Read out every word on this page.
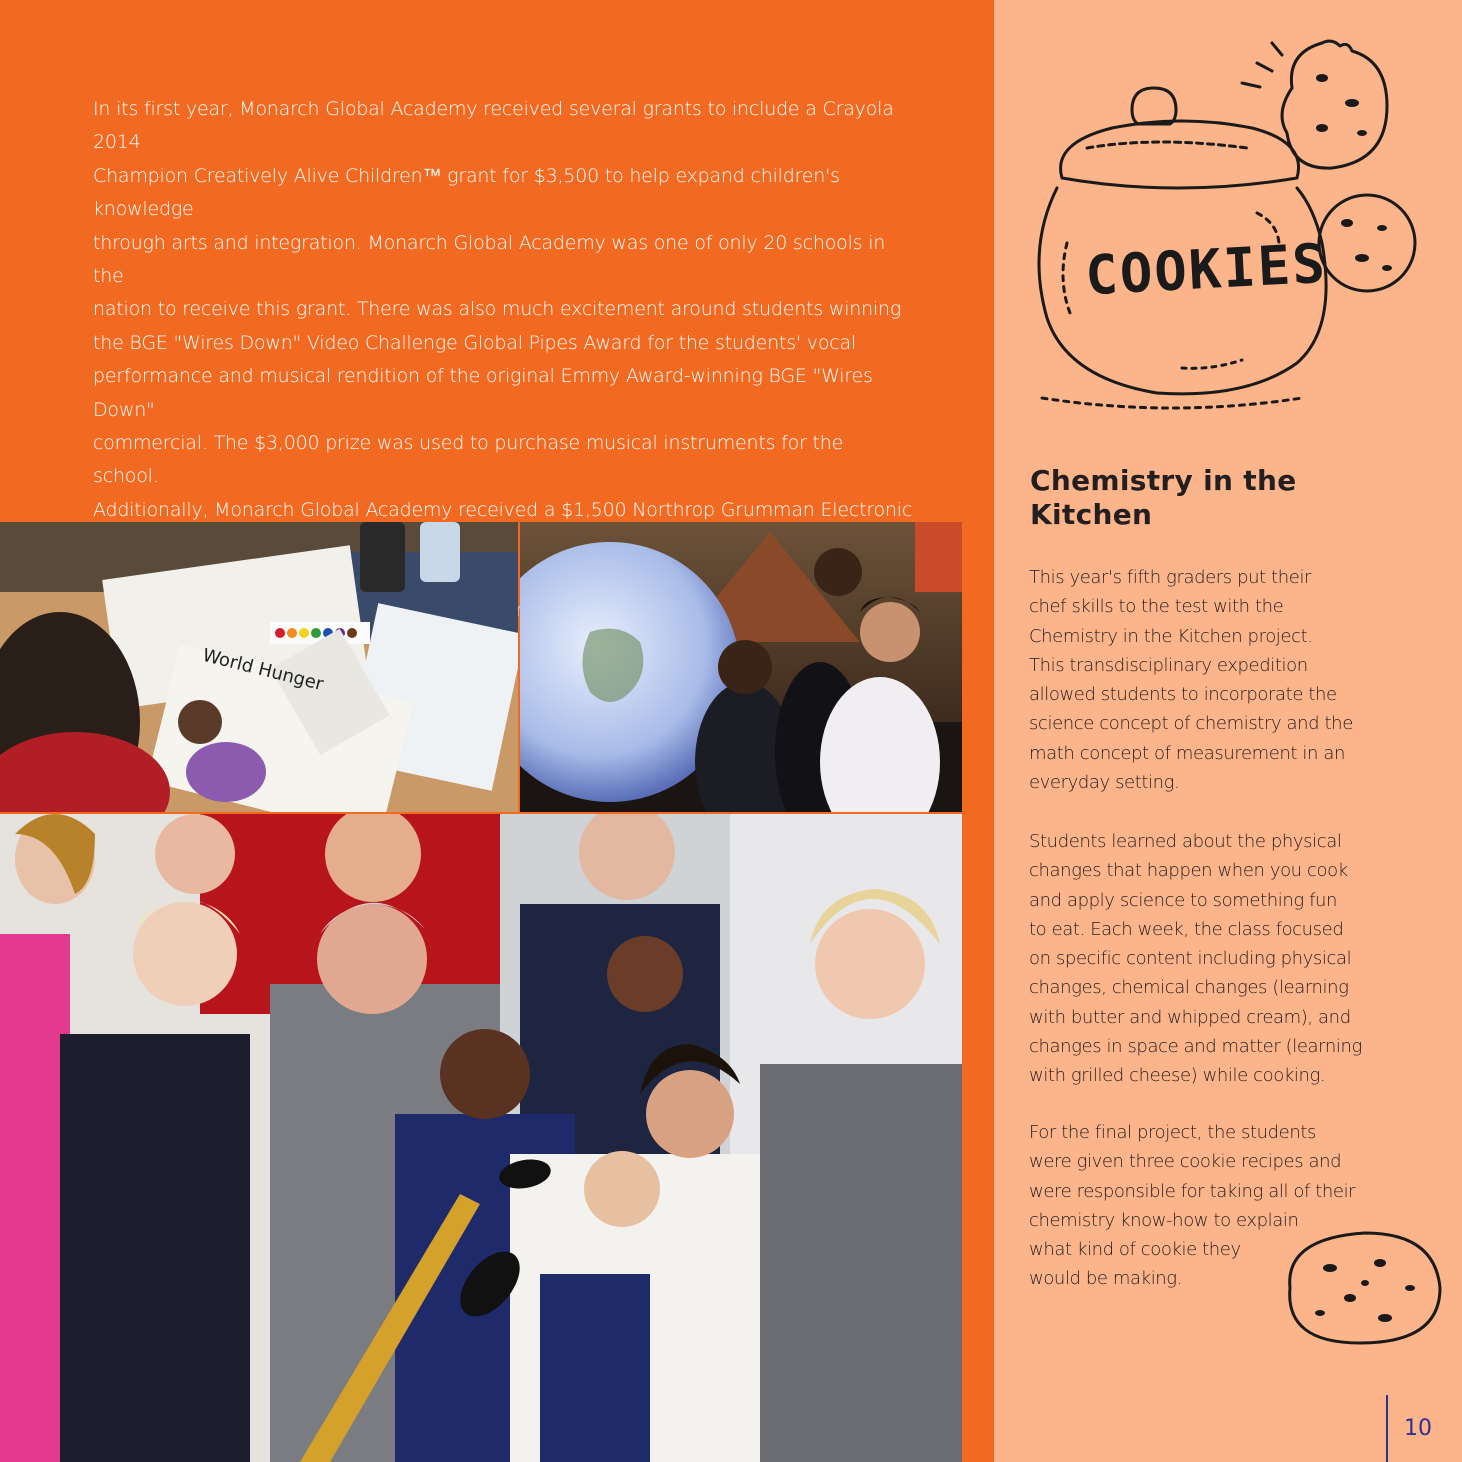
In its first year, Monarch Global Academy received several grants to include a Crayola 2014
Champion Creatively Alive Children™ grant for $3,500 to help expand children's knowledge
through arts and integration. Monarch Global Academy was one of only 20 schools in the
nation to receive this grant. There was also much excitement around students winning
the BGE "Wires Down" Video Challenge Global Pipes Award for the students' vocal
performance and musical rendition of the original Emmy Award-winning BGE "Wires Down"
commercial. The $3,000 prize was used to purchase musical instruments for the school.
Additionally, Monarch Global Academy received a $1,500 Northrop Grumman Electronic

World Hunger
COOKIES
Chemistry in the Kitchen

This year's fifth graders put their
chef skills to the test with the
Chemistry in the Kitchen project.
This transdisciplinary expedition
allowed students to incorporate the
science concept of chemistry and the
math concept of measurement in an
everyday setting.

Students learned about the physical
changes that happen when you cook
and apply science to something fun
to eat. Each week, the class focused
on specific content including physical
changes, chemical changes (learning
with butter and whipped cream), and
changes in space and matter (learning
with grilled cheese) while cooking.

For the final project, the students
were given three cookie recipes and
were responsible for taking all of their
chemistry know-how to explain
what kind of cookie they
would be making.

10
